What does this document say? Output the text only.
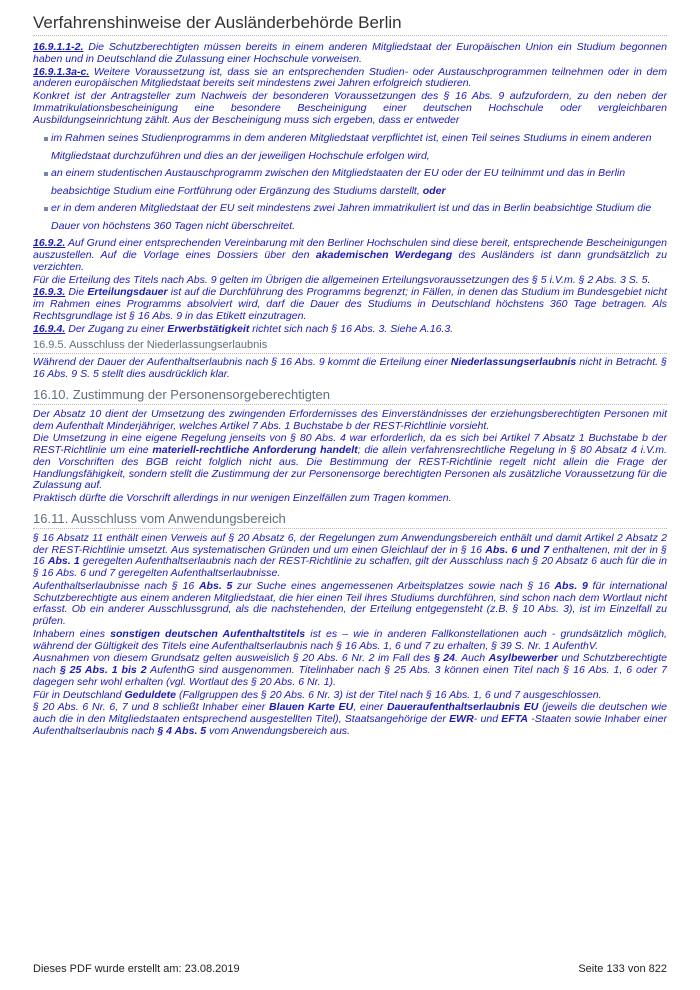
Verfahrenshinweise der Ausländerbehörde Berlin

16.9.1.1-2. Die Schutzberechtigten müssen bereits in einem anderen Mitgliedstaat der Europäischen Union ein Studium begonnen haben und in Deutschland die Zulassung einer Hochschule vorweisen.

16.9.1.3a-c. Weitere Voraussetzung ist, dass sie an entsprechenden Studien- oder Austauschprogrammen teilnehmen oder in dem anderen europäischen Mitgliedstaat bereits seit mindestens zwei Jahren erfolgreich studieren.

Konkret ist der Antragsteller zum Nachweis der besonderen Voraussetzungen des § 16 Abs. 9 aufzufordern, zu den neben der Immatrikulationsbescheinigung eine besondere Bescheinigung einer deutschen Hochschule oder vergleichbaren Ausbildungseinrichtung zählt. Aus der Bescheinigung muss sich ergeben, dass er entweder

im Rahmen seines Studienprogramms in dem anderen Mitgliedstaat verpflichtet ist, einen Teil seines Studiums in einem anderen Mitgliedstaat durchzuführen und dies an der jeweiligen Hochschule erfolgen wird,
an einem studentischen Austauschprogramm zwischen den Mitgliedstaaten der EU oder der EU teilnimmt und das in Berlin beabsichtige Studium eine Fortführung oder Ergänzung des Studiums darstellt, oder
er in dem anderen Mitgliedstaat der EU seit mindestens zwei Jahren immatrikuliert ist und das in Berlin beabsichtige Studium die Dauer von höchstens 360 Tagen nicht überschreitet.

16.9.2. Auf Grund einer entsprechenden Vereinbarung mit den Berliner Hochschulen sind diese bereit, entsprechende Bescheinigungen auszustellen. Auf die Vorlage eines Dossiers über den akademischen Werdegang des Ausländers ist dann grundsätzlich zu verzichten.

Für die Erteilung des Titels nach Abs. 9 gelten im Übrigen die allgemeinen Erteilungsvoraussetzungen des § 5 i.V.m. § 2 Abs. 3 S. 5.

16.9.3. Die Erteilungsdauer ist auf die Durchführung des Programms begrenzt; in Fällen, in denen das Studium im Bundesgebiet nicht im Rahmen eines Programms absolviert wird, darf die Dauer des Studiums in Deutschland höchstens 360 Tage betragen. Als Rechtsgrundlage ist § 16 Abs. 9 in das Etikett einzutragen.

16.9.4. Der Zugang zu einer Erwerbstätigkeit richtet sich nach § 16 Abs. 3. Siehe A.16.3.

16.9.5. Ausschluss der Niederlassungserlaubnis

Während der Dauer der Aufenthaltserlaubnis nach § 16 Abs. 9 kommt die Erteilung einer Niederlassungserlaubnis nicht in Betracht. § 16 Abs. 9 S. 5 stellt dies ausdrücklich klar.

16.10. Zustimmung der Personensorgeberechtigten

Der Absatz 10 dient der Umsetzung des zwingenden Erfordernisses des Einverständnisses der erziehungsberechtigten Personen mit dem Aufenthalt Minderjähriger, welches Artikel 7 Abs. 1 Buchstabe b der REST-Richtlinie vorsieht.

Die Umsetzung in eine eigene Regelung jenseits von § 80 Abs. 4 war erforderlich, da es sich bei Artikel 7 Absatz 1 Buchstabe b der REST-Richtlinie um eine materiell-rechtliche Anforderung handelt; die allein verfahrensrechtliche Regelung in § 80 Absatz 4 i.V.m. den Vorschriften des BGB reicht folglich nicht aus. Die Bestimmung der REST-Richtlinie regelt nicht allein die Frage der Handlungsfähigkeit, sondern stellt die Zustimmung der zur Personensorge berechtigten Personen als zusätzliche Voraussetzung für die Zulassung auf.

Praktisch dürfte die Vorschrift allerdings in nur wenigen Einzelfällen zum Tragen kommen.

16.11. Ausschluss vom Anwendungsbereich

§ 16 Absatz 11 enthält einen Verweis auf § 20 Absatz 6, der Regelungen zum Anwendungsbereich enthält und damit Artikel 2 Absatz 2 der REST-Richtlinie umsetzt. Aus systematischen Gründen und um einen Gleichlauf der in § 16 Abs. 6 und 7 enthaltenen, mit der in § 16 Abs. 1 geregelten Aufenthaltserlaubnis nach der REST-Richtlinie zu schaffen, gilt der Ausschluss nach § 20 Absatz 6 auch für die in § 16 Abs. 6 und 7 geregelten Aufenthaltserlaubnisse.

Aufenthaltserlaubnisse nach § 16 Abs. 5 zur Suche eines angemessenen Arbeitsplatzes sowie nach § 16 Abs. 9 für international Schutzberechtigte aus einem anderen Mitgliedstaat, die hier einen Teil ihres Studiums durchführen, sind schon nach dem Wortlaut nicht erfasst. Ob ein anderer Ausschlussgrund, als die nachstehenden, der Erteilung entgegensteht (z.B. § 10 Abs. 3), ist im Einzelfall zu prüfen.

Inhabern eines sonstigen deutschen Aufenthaltstitels ist es – wie in anderen Fallkonstellationen auch - grundsätzlich möglich, während der Gültigkeit des Titels eine Aufenthaltserlaubnis nach § 16 Abs. 1, 6 und 7 zu erhalten, § 39 S. Nr. 1 AufenthV.

Ausnahmen von diesem Grundsatz gelten ausweislich § 20 Abs. 6 Nr. 2 im Fall des § 24. Auch Asylbewerber und Schutzberechtigte nach § 25 Abs. 1 bis 2 AufenthG sind ausgenommen. Titelinhaber nach § 25 Abs. 3 können einen Titel nach § 16 Abs. 1, 6 oder 7 dagegen sehr wohl erhalten (vgl. Wortlaut des § 20 Abs. 6 Nr. 1).

Für in Deutschland Geduldete (Fallgruppen des § 20 Abs. 6 Nr. 3) ist der Titel nach § 16 Abs. 1, 6 und 7 ausgeschlossen.

§ 20 Abs. 6 Nr. 6, 7 und 8 schließt Inhaber einer Blauen Karte EU, einer Daueraufenthaltserlaubnis EU (jeweils die deutschen wie auch die in den Mitgliedstaaten entsprechend ausgestellten Titel), Staatsangehörige der EWR- und EFTA -Staaten sowie Inhaber einer Aufenthaltserlaubnis nach § 4 Abs. 5 vom Anwendungsbereich aus.

Dieses PDF wurde erstellt am: 23.08.2019	Seite 133 von 822
